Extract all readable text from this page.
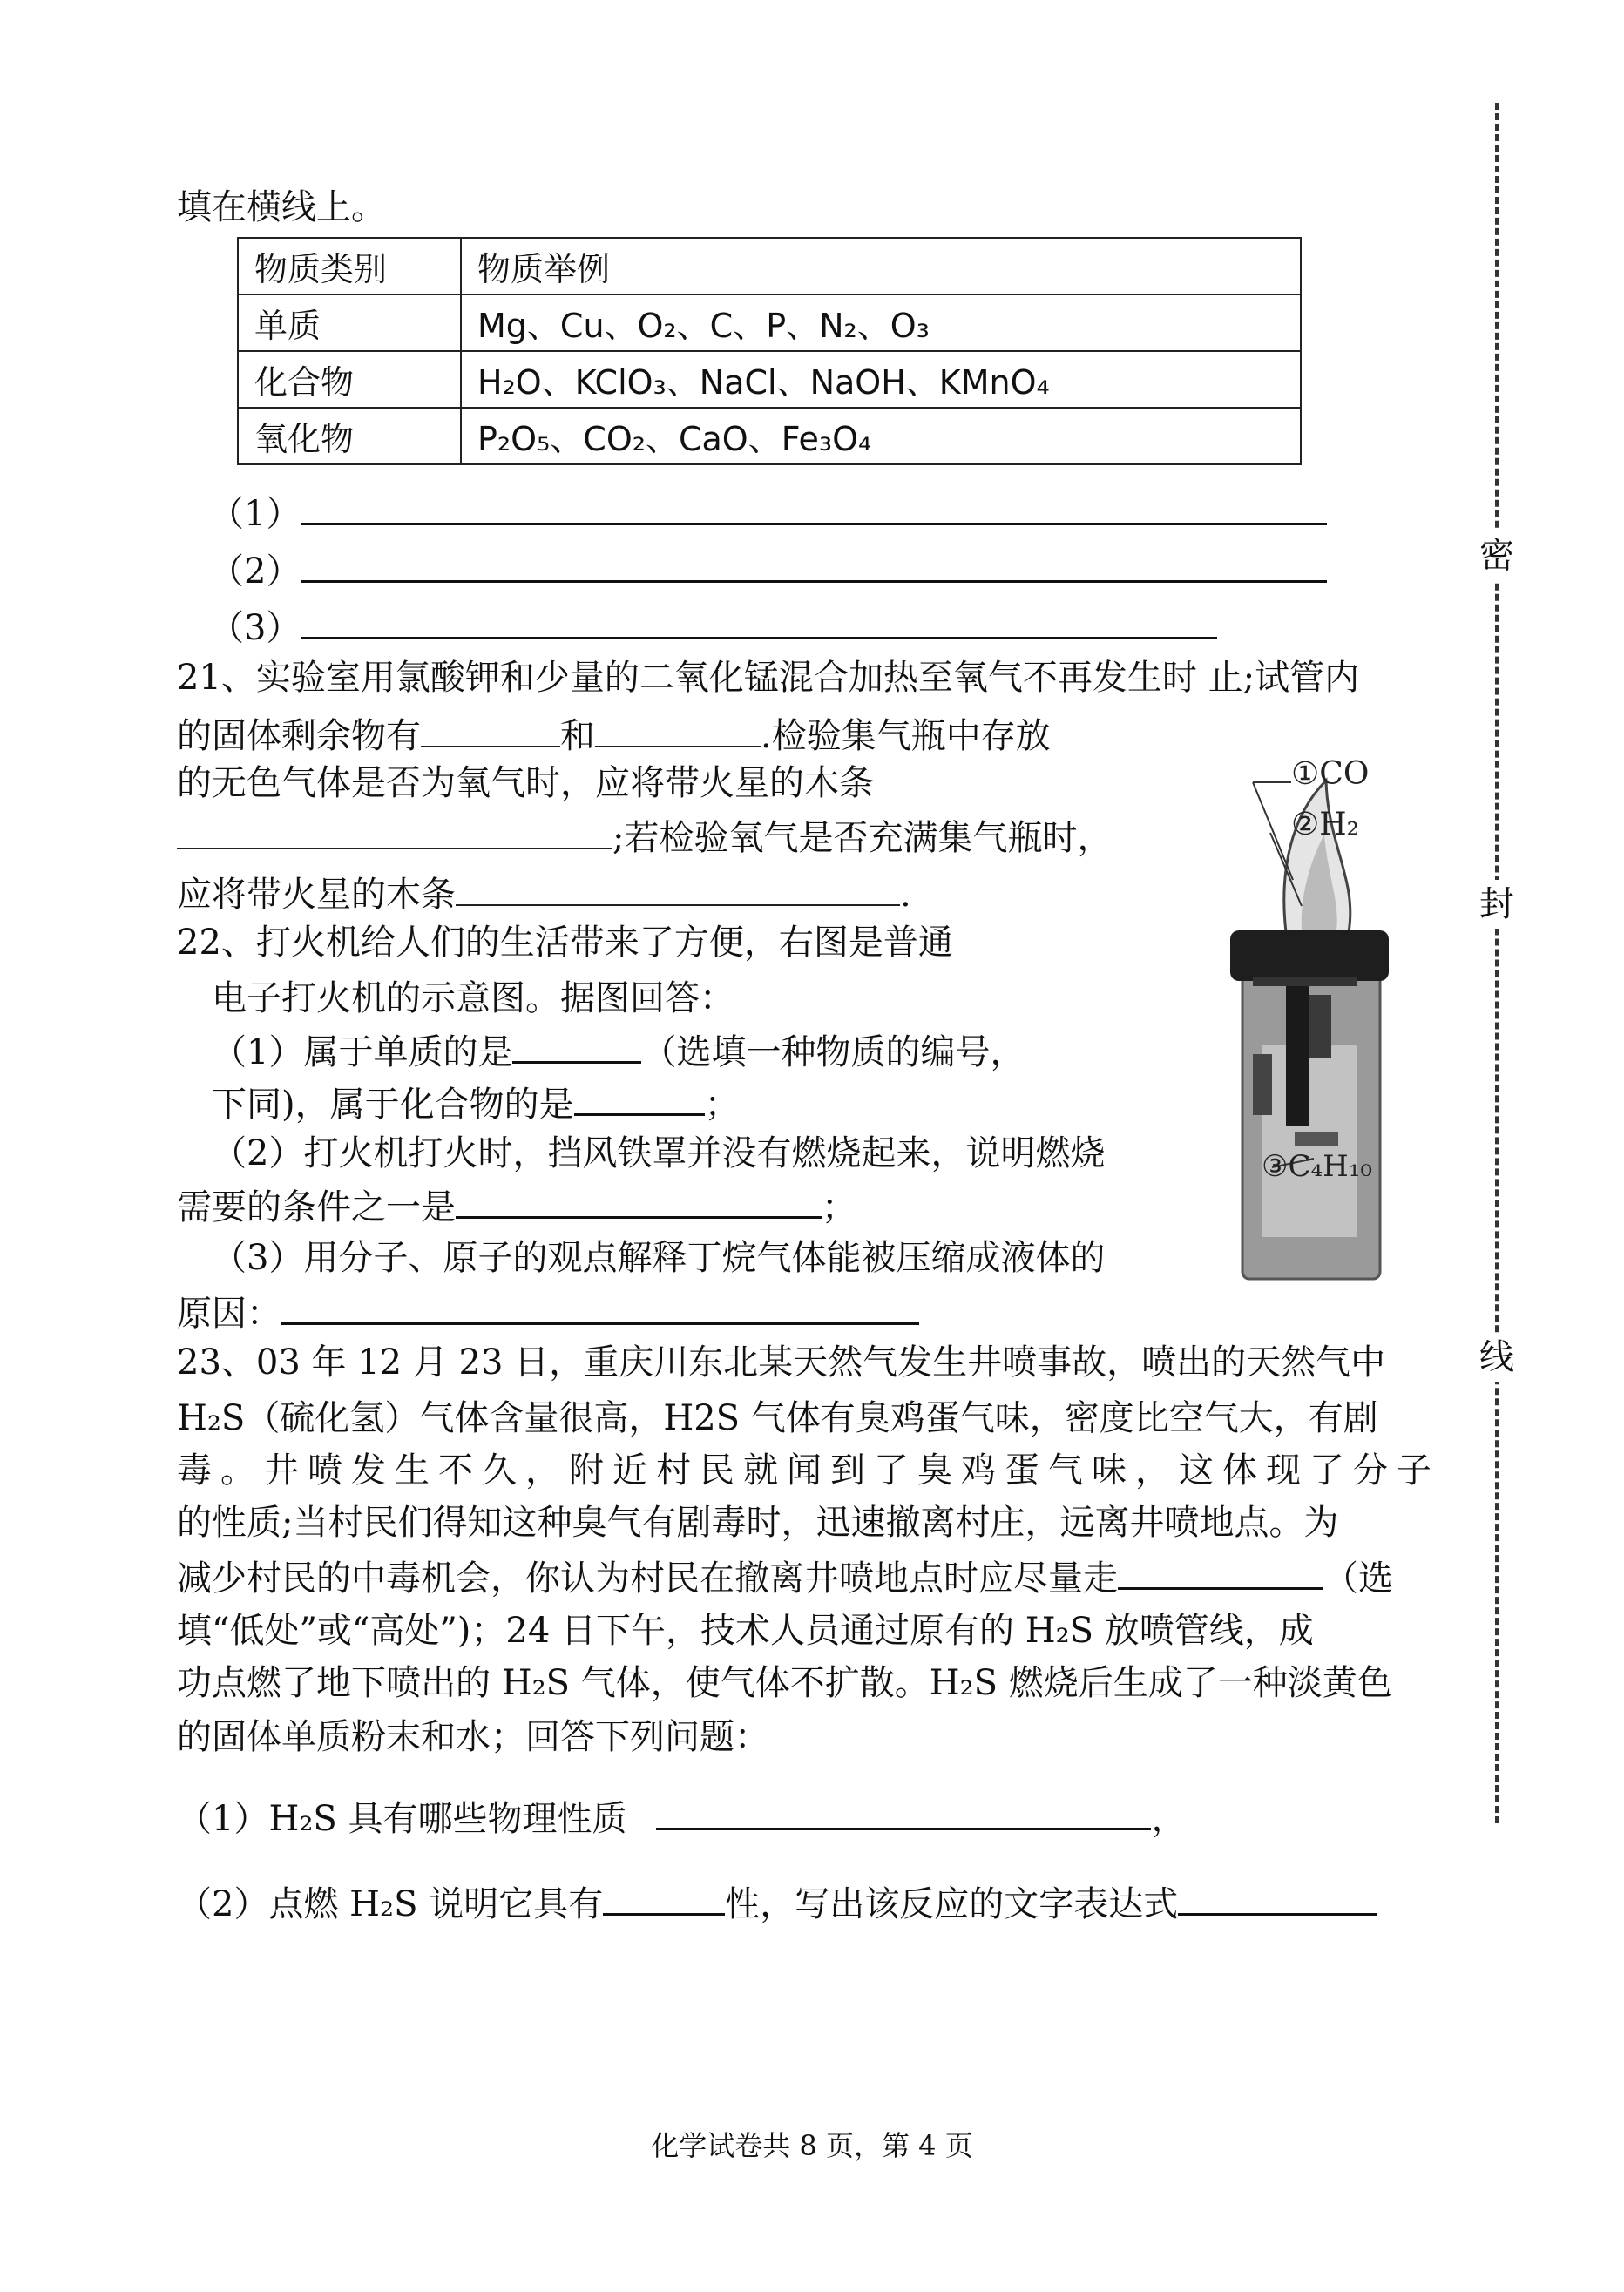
填在横线上。
物质类别	物质举例
单质	Mg、Cu、O₂、C、P、N₂、O₃
化合物	H₂O、KClO₃、NaCl、NaOH、KMnO₄
氧化物	P₂O₅、CO₂、CaO、Fe₃O₄
（1）
（2）
（3）
21、实验室用氯酸钾和少量的二氧化锰混合加热至氧气不再发生时 止;试管内
的固体剩余物有	和	.检验集气瓶中存放
的无色气体是否为氧气时，应将带火星的木条
;若检验氧气是否充满集气瓶时，
应将带火星的木条	.
22、打火机给人们的生活带来了方便，右图是普通
电子打火机的示意图。据图回答：
（1）属于单质的是	（选填一种物质的编号，
下同)，属于化合物的是	；
（2）打火机打火时，挡风铁罩并没有燃烧起来，说明燃烧
需要的条件之一是	；
（3）用分子、原子的观点解释丁烷气体能被压缩成液体的
原因：
①CO
②H₂
③C₄H₁₀
23、03 年 12 月 23 日，重庆川东北某天然气发生井喷事故，喷出的天然气中
H₂S（硫化氢）气体含量很高，H2S 气体有臭鸡蛋气味，密度比空气大，有剧
毒。井喷发生不久，附近村民就闻到了臭鸡蛋气味，这体现了分子
的性质;当村民们得知这种臭气有剧毒时，迅速撤离村庄，远离井喷地点。为
减少村民的中毒机会，你认为村民在撤离井喷地点时应尽量走	（选
填“低处”或“高处”)；24 日下午，技术人员通过原有的 H₂S 放喷管线，成
功点燃了地下喷出的 H₂S 气体，使气体不扩散。H₂S 燃烧后生成了一种淡黄色
的固体单质粉末和水；回答下列问题：
（1）H₂S 具有哪些物理性质	，
（2）点燃 H₂S 说明它具有	性，写出该反应的文字表达式
密
封
线
化学试卷共 8 页，第 4 页
